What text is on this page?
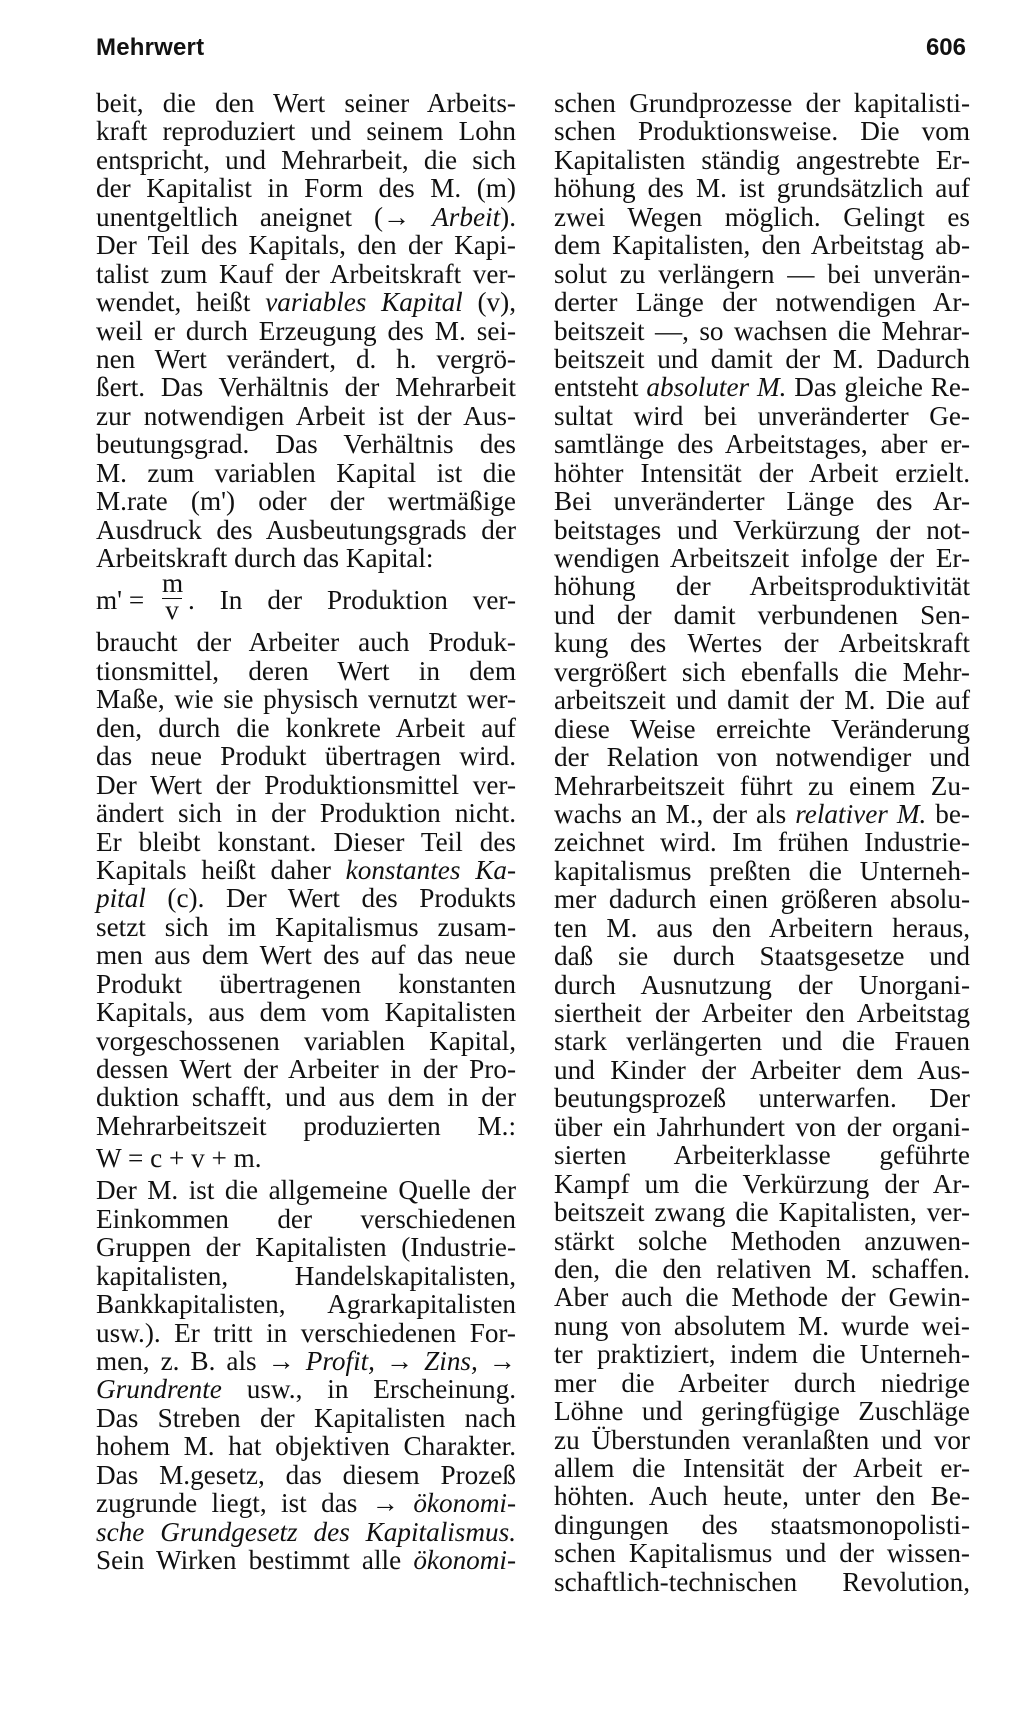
Mehrwert	606
beit, die den Wert seiner Arbeits-
kraft reproduziert und seinem Lohn
entspricht, und Mehrarbeit, die sich
der Kapitalist in Form des M. (m)
unentgeltlich aneignet (→ Arbeit).
Der Teil des Kapitals, den der Kapi-
talist zum Kauf der Arbeitskraft ver-
wendet, heißt variables Kapital (v),
weil er durch Erzeugung des M. sei-
nen Wert verändert, d. h. vergrö-
ßert. Das Verhältnis der Mehrarbeit
zur notwendigen Arbeit ist der Aus-
beutungsgrad. Das Verhältnis des
M. zum variablen Kapital ist die
M.rate (m') oder der wertmäßige
Ausdruck des Ausbeutungsgrads der
Arbeitskraft durch das Kapital:
m' =
m
v . In der Produktion ver-
braucht der Arbeiter auch Produk-
tionsmittel, deren Wert in dem
Maße, wie sie physisch vernutzt wer-
den, durch die konkrete Arbeit auf
das neue Produkt übertragen wird.
Der Wert der Produktionsmittel ver-
ändert sich in der Produktion nicht.
Er bleibt konstant. Dieser Teil des
Kapitals heißt daher konstantes Ka-
pital (c). Der Wert des Produkts
setzt sich im Kapitalismus zusam-
men aus dem Wert des auf das neue
Produkt übertragenen konstanten
Kapitals, aus dem vom Kapitalisten
vorgeschossenen variablen Kapital,
dessen Wert der Arbeiter in der Pro-
duktion schafft, und aus dem in der
Mehrarbeitszeit produzierten M.:
W = c + v + m.
Der M. ist die allgemeine Quelle der
Einkommen der verschiedenen
Gruppen der Kapitalisten (Industrie-
kapitalisten, Handelskapitalisten,
Bankkapitalisten, Agrarkapitalisten
usw.). Er tritt in verschiedenen For-
men, z. B. als → Profit, → Zins, →
Grundrente usw., in Erscheinung.
Das Streben der Kapitalisten nach
hohem M. hat objektiven Charakter.
Das M.gesetz, das diesem Prozeß
zugrunde liegt, ist das → ökonomi-
sche Grundgesetz des Kapitalismus.
Sein Wirken bestimmt alle ökonomi-
schen Grundprozesse der kapitalisti-
schen Produktionsweise. Die vom
Kapitalisten ständig angestrebte Er-
höhung des M. ist grundsätzlich auf
zwei Wegen möglich. Gelingt es
dem Kapitalisten, den Arbeitstag ab-
solut zu verlängern — bei unverän-
derter Länge der notwendigen Ar-
beitszeit —, so wachsen die Mehrar-
beitszeit und damit der M. Dadurch
entsteht absoluter M. Das gleiche Re-
sultat wird bei unveränderter Ge-
samtlänge des Arbeitstages, aber er-
höhter Intensität der Arbeit erzielt.
Bei unveränderter Länge des Ar-
beitstages und Verkürzung der not-
wendigen Arbeitszeit infolge der Er-
höhung der Arbeitsproduktivität
und der damit verbundenen Sen-
kung des Wertes der Arbeitskraft
vergrößert sich ebenfalls die Mehr-
arbeitszeit und damit der M. Die auf
diese Weise erreichte Veränderung
der Relation von notwendiger und
Mehrarbeitszeit führt zu einem Zu-
wachs an M., der als relativer M. be-
zeichnet wird. Im frühen Industrie-
kapitalismus preßten die Unterneh-
mer dadurch einen größeren absolu-
ten M. aus den Arbeitern heraus,
daß sie durch Staatsgesetze und
durch Ausnutzung der Unorgani-
siertheit der Arbeiter den Arbeitstag
stark verlängerten und die Frauen
und Kinder der Arbeiter dem Aus-
beutungsprozeß unterwarfen. Der
über ein Jahrhundert von der organi-
sierten Arbeiterklasse geführte
Kampf um die Verkürzung der Ar-
beitszeit zwang die Kapitalisten, ver-
stärkt solche Methoden anzuwen-
den, die den relativen M. schaffen.
Aber auch die Methode der Gewin-
nung von absolutem M. wurde wei-
ter praktiziert, indem die Unterneh-
mer die Arbeiter durch niedrige
Löhne und geringfügige Zuschläge
zu Überstunden veranlaßten und vor
allem die Intensität der Arbeit er-
höhten. Auch heute, unter den Be-
dingungen des staatsmonopolisti-
schen Kapitalismus und der wissen-
schaftlich-technischen Revolution,
